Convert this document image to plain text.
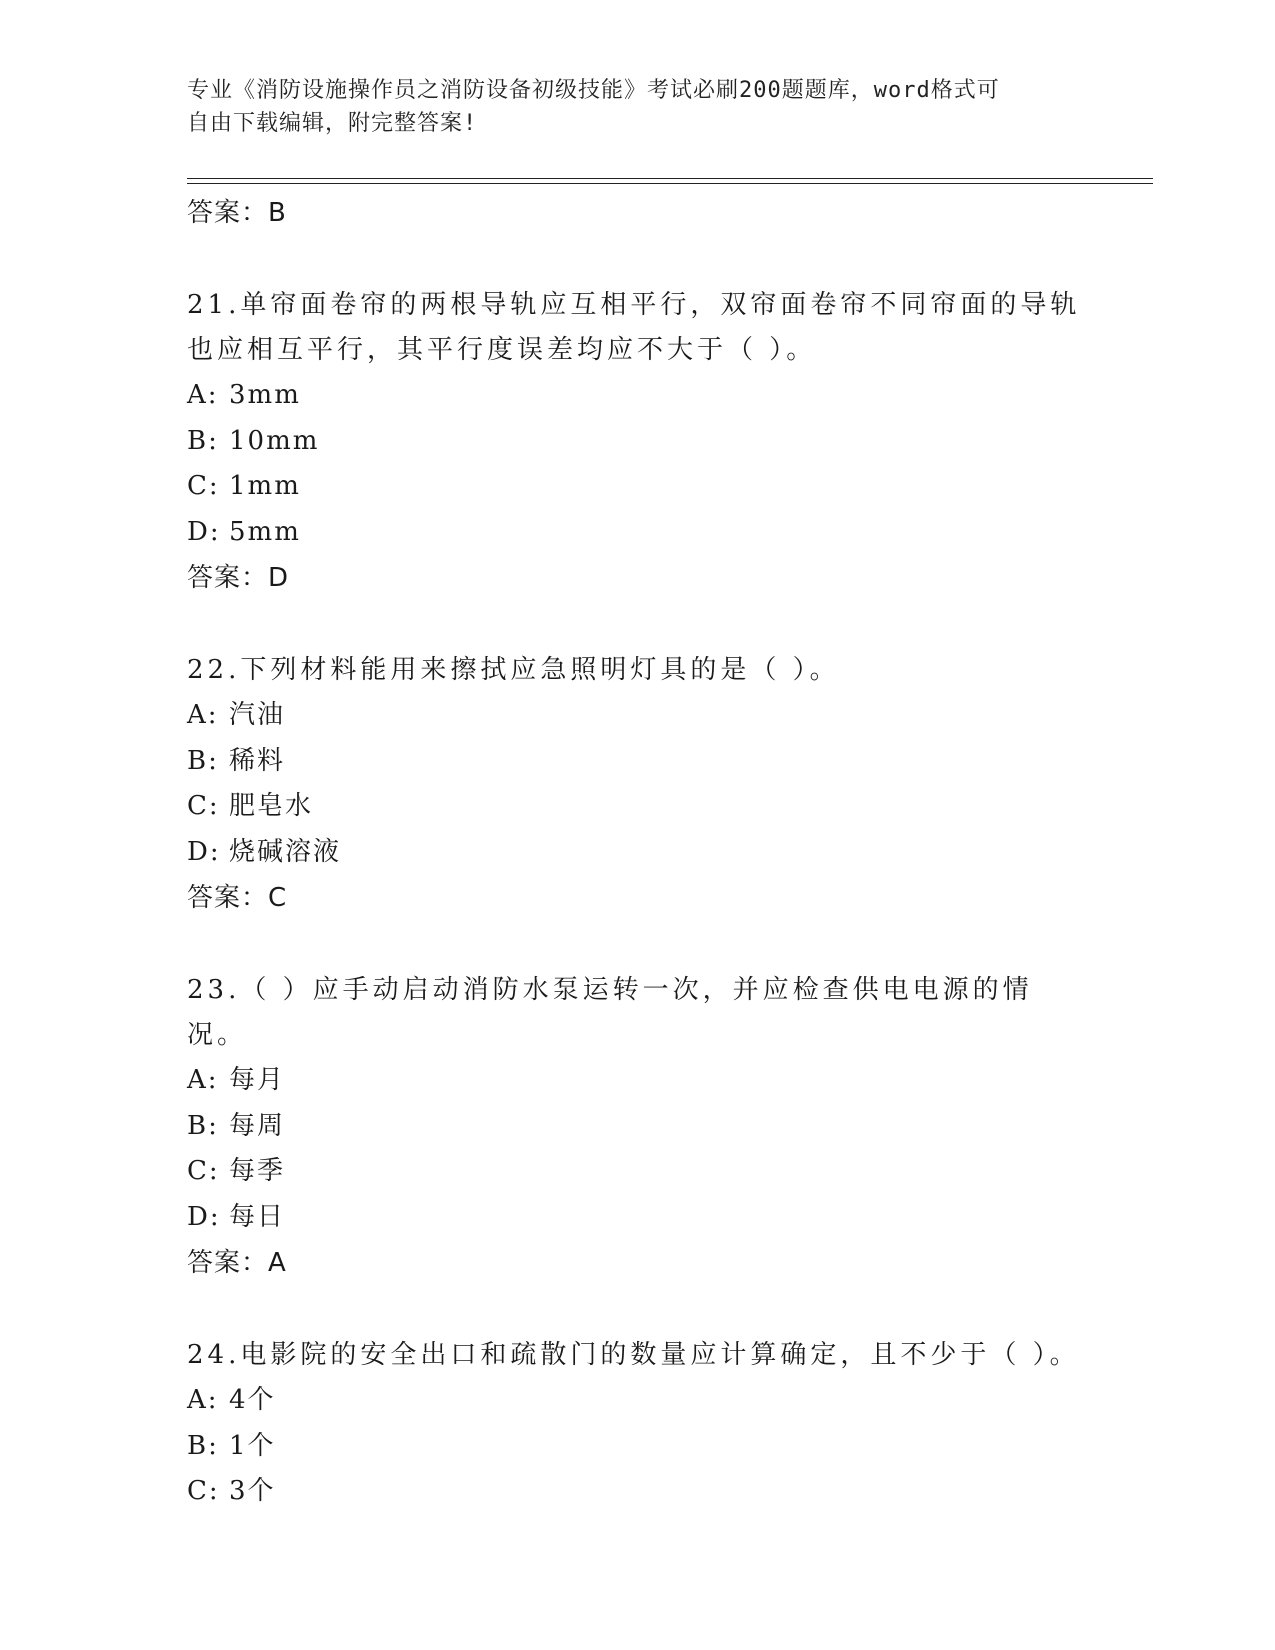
专业《消防设施操作员之消防设备初级技能》考试必刷200题题库，word格式可
自由下载编辑，附完整答案!
答案：B
21.单帘面卷帘的两根导轨应互相平行，双帘面卷帘不同帘面的导轨也应相互平行，其平行度误差均应不大于（ ）。
A: 3mm
B: 10mm
C: 1mm
D: 5mm
答案：D
22.下列材料能用来擦拭应急照明灯具的是（ ）。
A: 汽油
B: 稀料
C: 肥皂水
D: 烧碱溶液
答案：C
23.（ ）应手动启动消防水泵运转一次，并应检查供电电源的情况。
A: 每月
B: 每周
C: 每季
D: 每日
答案：A
24.电影院的安全出口和疏散门的数量应计算确定，且不少于（ ）。
A: 4个
B: 1个
C: 3个
